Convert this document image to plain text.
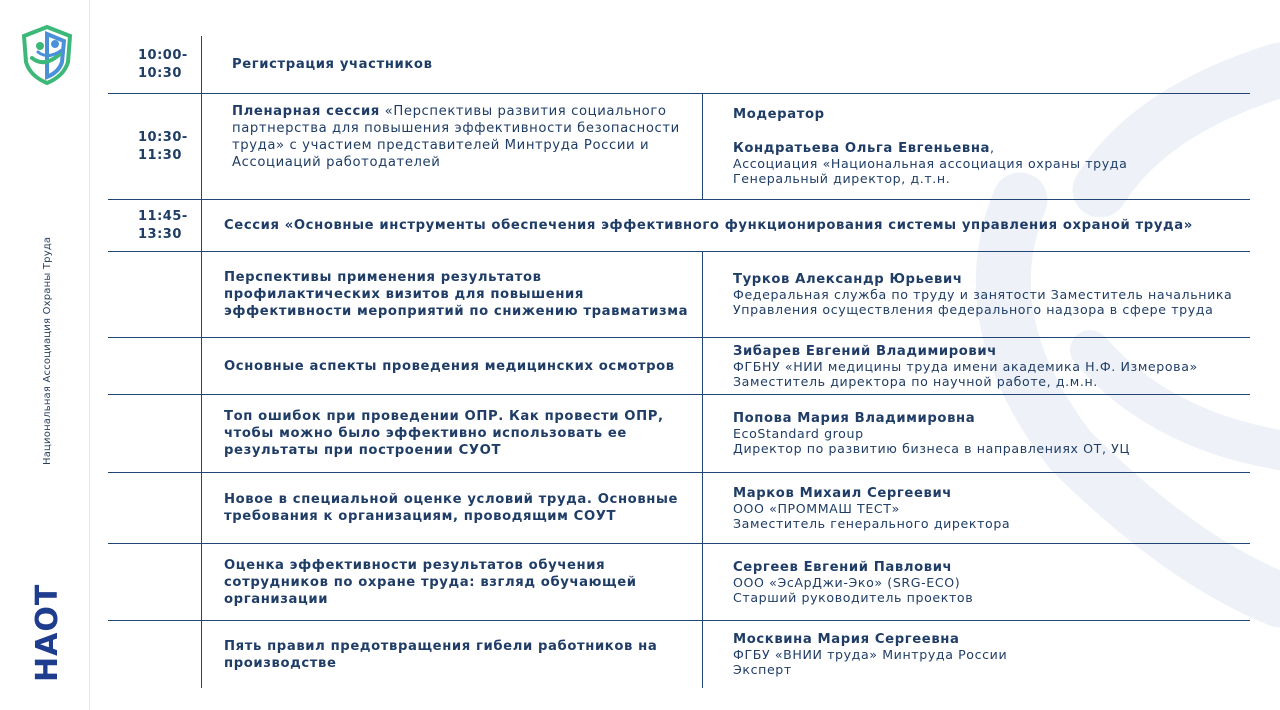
Национальная Ассоциация Охраны Труда
НАОТ
10:00-
10:30
Регистрация участников
10:30-
11:30
Пленарная сессия «Перспективы развития социального партнерства для повышения эффективности безопасности труда» с участием представителей Минтруда России и Ассоциаций работодателей
Модератор
Кондратьева Ольга Евгеньевна,
Ассоциация «Национальная ассоциация охраны труда
Генеральный директор, д.т.н.
11:45-
13:30
Сессия «Основные инструменты обеспечения эффективного функционирования системы управления охраной труда»
Перспективы применения результатов профилактических визитов для повышения эффективности мероприятий по снижению травматизма
Турков Александр Юрьевич
Федеральная служба по труду и занятости Заместитель начальника Управления осуществления федерального надзора в сфере труда
Основные аспекты проведения медицинских осмотров
Зибарев Евгений Владимирович
ФГБНУ «НИИ медицины труда имени академика Н.Ф. Измерова»
Заместитель директора по научной работе, д.м.н.
Топ ошибок при проведении ОПР. Как провести ОПР, чтобы можно было эффективно использовать ее результаты при построении СУОТ
Попова Мария Владимировна
EcoStandard group
Директор по развитию бизнеса в направлениях ОТ, УЦ
Новое в специальной оценке условий труда. Основные требования к организациям, проводящим СОУТ
Марков Михаил Сергеевич
ООО «ПРОММАШ ТЕСТ»
Заместитель генерального директора
Оценка эффективности результатов обучения сотрудников по охране труда: взгляд обучающей организации
Сергеев Евгений Павлович
ООО «ЭсАрДжи-Эко» (SRG-ECO)
Старший руководитель проектов
Пять правил предотвращения гибели работников на производстве
Москвина Мария Сергеевна
ФГБУ «ВНИИ труда» Минтруда России
Эксперт
